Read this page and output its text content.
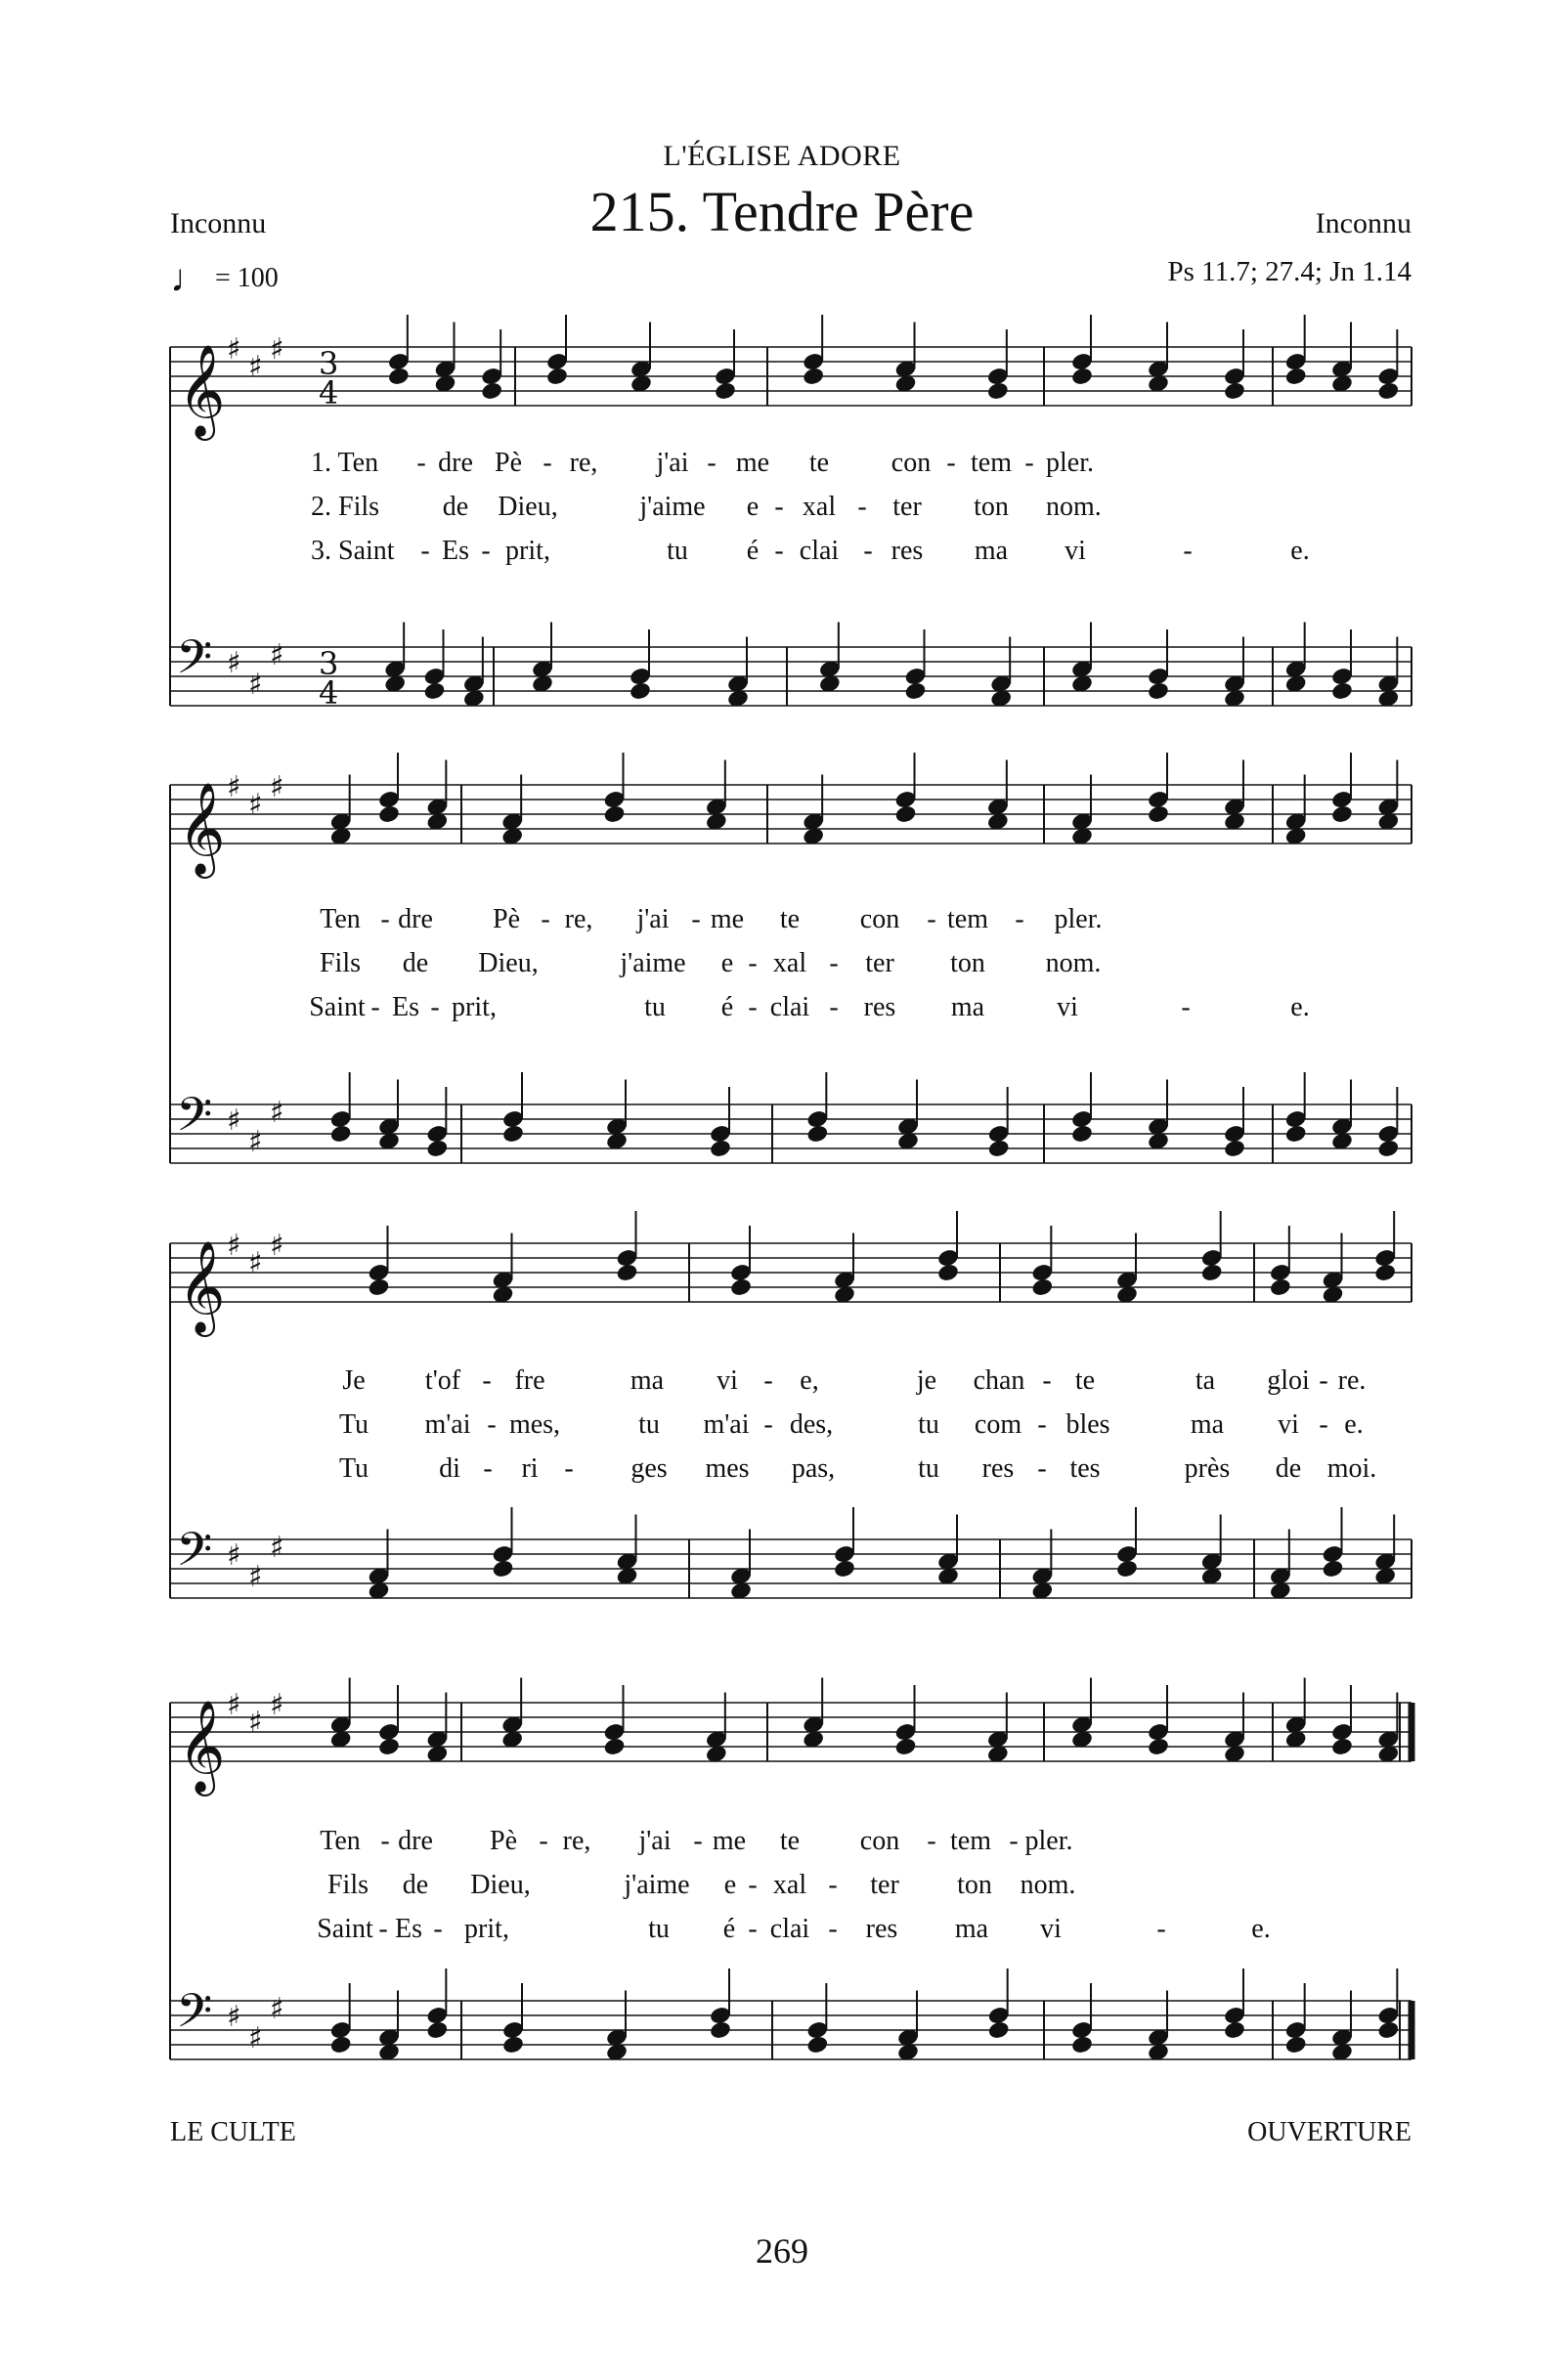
L'ÉGLISE ADORE
215. Tendre Père
Inconnu	Inconnu
♩ = 100	Ps 11.7; 27.4; Jn 1.14
𝄞 ♯
♯
♯ 3
4
𝄢 ♯
♯
♯ 3
4
𝄞 ♯
♯
♯
𝄢 ♯
♯
♯
𝄞 ♯
♯
♯
𝄢 ♯
♯
♯
𝄞 ♯
♯
♯
𝄢 ♯
♯
♯
1. Ten - dre Pè - re, j'ai - me te con - tem - pler.
2. Fils de Dieu,	j'aime e - xal - ter ton nom.
3. Saint - Es - prit,	tu é - clai - res ma vi	-	e.
Ten - dre Pè - re, j'ai - me te con - tem - pler.
Fils de Dieu,	j'aime e - xal - ter ton nom.
Saint - Es - prit,	tu é - clai - res ma	vi	-	e.
Je t'of - fre	ma vi - e,	je chan - te	ta gloi - re.
Tu m'ai - mes,	tu m'ai - des,	tu com - bles	ma vi - e.
Tu	di - ri - ges mes pas,	tu res - tes	près de moi.
Ten - dre Pè - re, j'ai - me te con - tem - pler.
Fils de Dieu,	j'aime e - xal - ter ton nom.
Saint - Es - prit,	tu é - clai - res ma vi	-	e.
LE CULTE	OUVERTURE
269
